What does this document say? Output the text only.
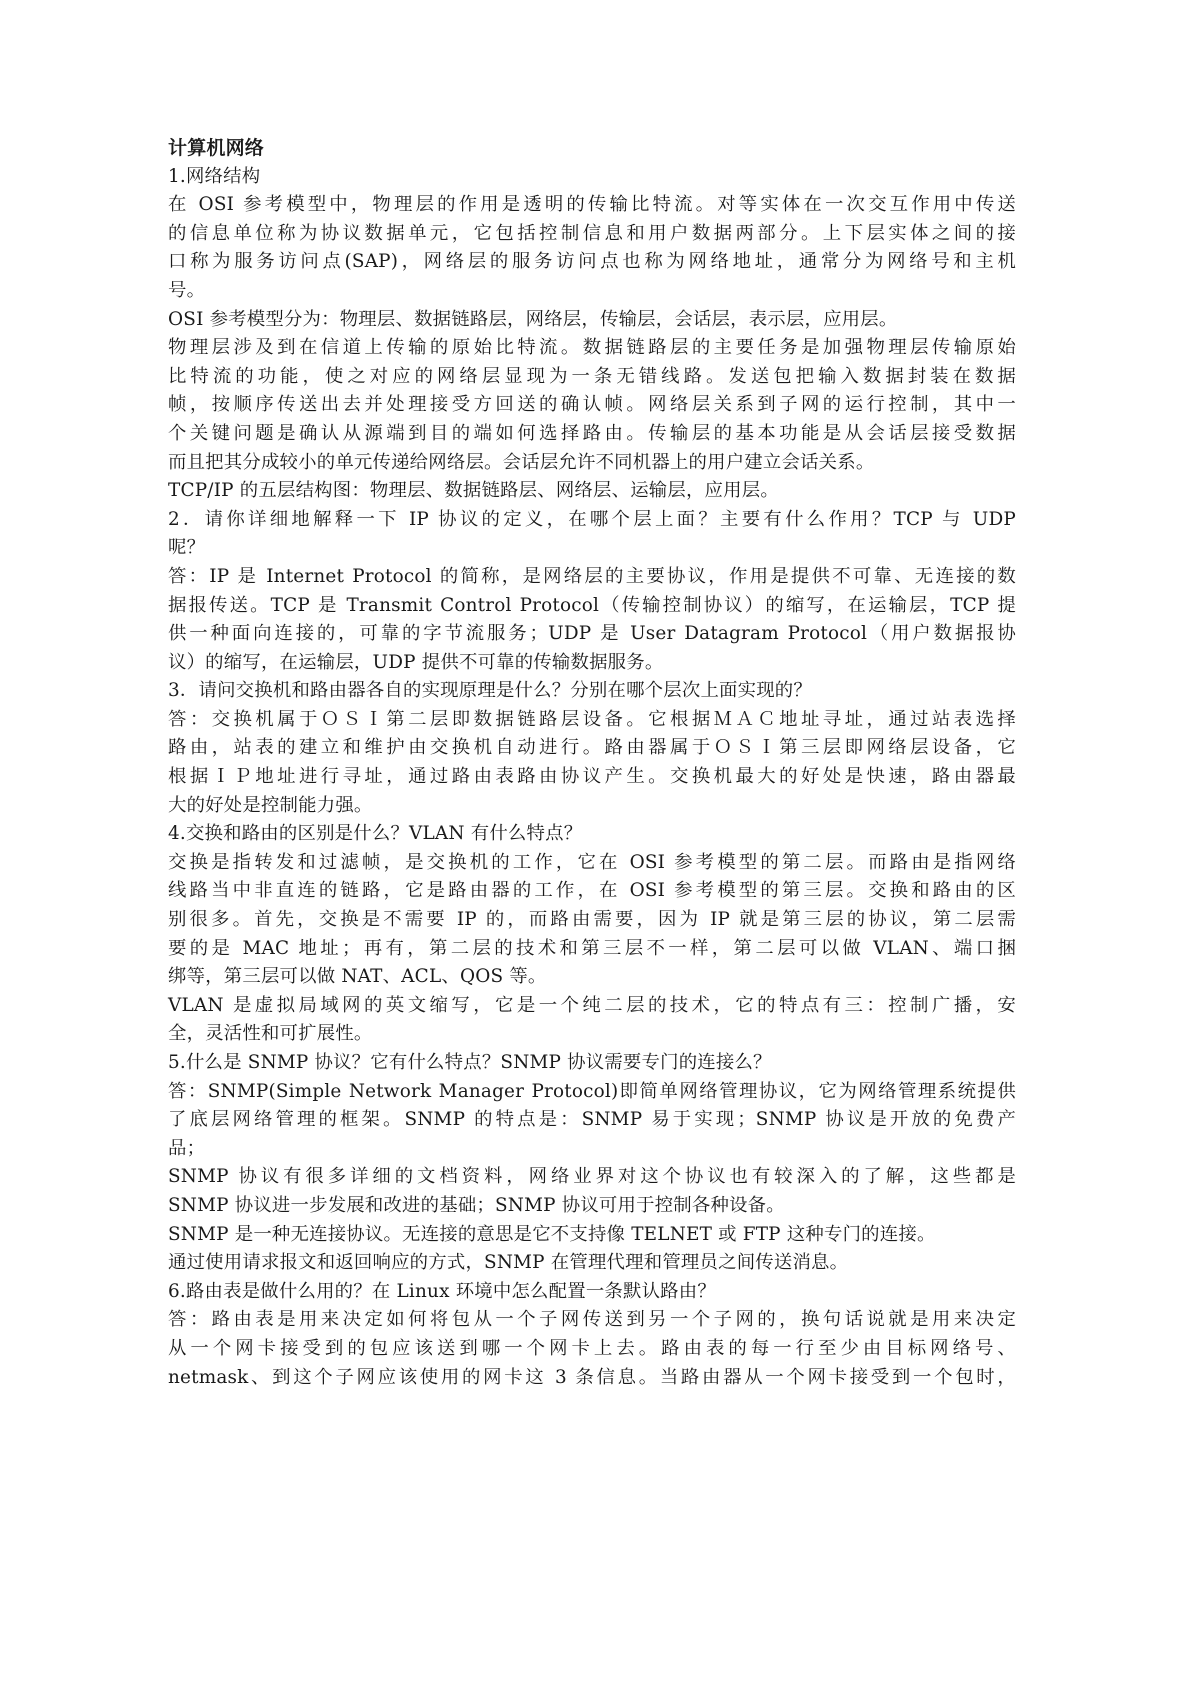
计算机网络
1.网络结构
在 OSI 参考模型中，物理层的作用是透明的传输比特流。对等实体在一次交互作用中传送
的信息单位称为协议数据单元，它包括控制信息和用户数据两部分。上下层实体之间的接
口称为服务访问点(SAP)，网络层的服务访问点也称为网络地址，通常分为网络号和主机
号。
OSI 参考模型分为：物理层、数据链路层，网络层，传输层，会话层，表示层，应用层。
物理层涉及到在信道上传输的原始比特流。数据链路层的主要任务是加强物理层传输原始
比特流的功能，使之对应的网络层显现为一条无错线路。发送包把输入数据封装在数据
帧，按顺序传送出去并处理接受方回送的确认帧。网络层关系到子网的运行控制，其中一
个关键问题是确认从源端到目的端如何选择路由。传输层的基本功能是从会话层接受数据
而且把其分成较小的单元传递给网络层。会话层允许不同机器上的用户建立会话关系。
TCP/IP 的五层结构图：物理层、数据链路层、网络层、运输层，应用层。
2．请你详细地解释一下 IP 协议的定义，在哪个层上面？主要有什么作用？TCP 与 UDP
呢？
答：IP 是 Internet Protocol 的简称，是网络层的主要协议，作用是提供不可靠、无连接的数
据报传送。TCP 是 Transmit Control Protocol（传输控制协议）的缩写，在运输层，TCP 提
供一种面向连接的，可靠的字节流服务；UDP 是 User Datagram Protocol（用户数据报协
议）的缩写，在运输层，UDP 提供不可靠的传输数据服务。
3．请问交换机和路由器各自的实现原理是什么？分别在哪个层次上面实现的？
答：交换机属于ＯＳＩ第二层即数据链路层设备。它根据ＭＡＣ地址寻址，通过站表选择
路由，站表的建立和维护由交换机自动进行。路由器属于ＯＳＩ第三层即网络层设备，它
根据ＩＰ地址进行寻址，通过路由表路由协议产生。交换机最大的好处是快速，路由器最
大的好处是控制能力强。
4.交换和路由的区别是什么？VLAN 有什么特点？
交换是指转发和过滤帧，是交换机的工作，它在 OSI 参考模型的第二层。而路由是指网络
线路当中非直连的链路，它是路由器的工作，在 OSI 参考模型的第三层。交换和路由的区
别很多。首先，交换是不需要 IP 的，而路由需要，因为 IP 就是第三层的协议，第二层需
要的是 MAC 地址；再有，第二层的技术和第三层不一样，第二层可以做 VLAN、端口捆
绑等，第三层可以做 NAT、ACL、QOS 等。
VLAN 是虚拟局域网的英文缩写，它是一个纯二层的技术，它的特点有三：控制广播，安
全，灵活性和可扩展性。
5.什么是 SNMP 协议？它有什么特点？SNMP 协议需要专门的连接么？
答：SNMP(Simple Network Manager Protocol)即简单网络管理协议，它为网络管理系统提供
了底层网络管理的框架。SNMP 的特点是：SNMP 易于实现；SNMP 协议是开放的免费产
品；
SNMP 协议有很多详细的文档资料，网络业界对这个协议也有较深入的了解，这些都是
SNMP 协议进一步发展和改进的基础；SNMP 协议可用于控制各种设备。
SNMP 是一种无连接协议。无连接的意思是它不支持像 TELNET 或 FTP 这种专门的连接。
通过使用请求报文和返回响应的方式，SNMP 在管理代理和管理员之间传送消息。
6.路由表是做什么用的？在 Linux 环境中怎么配置一条默认路由？
答：路由表是用来决定如何将包从一个子网传送到另一个子网的，换句话说就是用来决定
从一个网卡接受到的包应该送到哪一个网卡上去。路由表的每一行至少由目标网络号、
netmask、到这个子网应该使用的网卡这 3 条信息。当路由器从一个网卡接受到一个包时，
